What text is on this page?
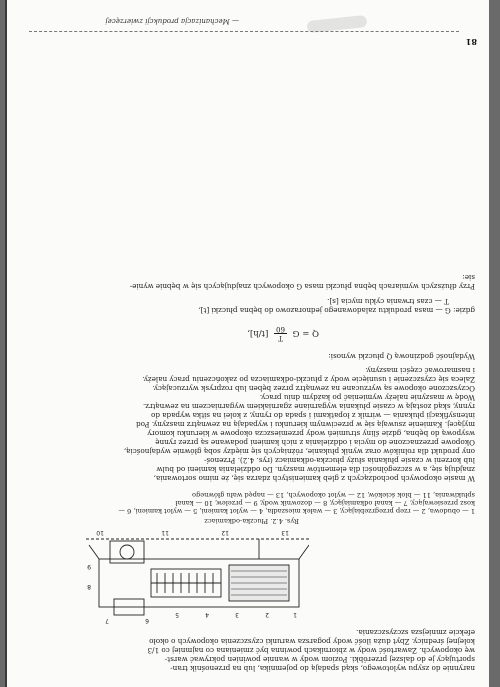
narynnie do zsypu wylotowego, skąd spadają do pojemnika, lub na przenośnik tran-
sportujący je do dalszej przeróbki. Poziom wody w wannie powinien pokrywać warst-
wę okopowych. Zawartość wody w zbiornikach powinna być zmieniana co najmniej co 1/3
kolejnej średnicy. Zbyt duża ilość wody pogarsza warunki czyszczenia okopowych o około
efekcie zmniejsza szczyszczania.
1
2
3
4
5
6
7
8
9
10	11	12	13
Rys. 4.2. Płuczka-odkamiacz
1 — obudowa, 2 — rzep przegrzebiający, 3 — wałek mieszadła, 4 — wylot kamieni, 5 — wylot kamieni, 6 —
kosz przesiewający, 7 — kanał odkamiający, 8 — dozownik wody, 9 — przelew, 10 — kanał
spłukiwania, 11 — blok ścieków, 12 — wylot okopowych, 13 — napęd wału głównego
W masie okopowych pochodzących z gleb kamienistych zdarza się, że mimo sortowania,
znajdują się, a w szczególności dla elementów maszyn. Do oddzielania kamieni od bulw
lub korzeni w czasie płukania służy płuczka-odkamiacz (rys. 4.2). Przenoś-
ony produkt dla rolników oraz wynik płukanie, różniących się między sobą głównie wydajnością,
Okopowe przeznaczone do mycia i oddzielania z nich kamieni podawane są przez rynnę
wsypową do bębna, gdzie śliny strumień wody przemieszcza okopowe w kierunku komory
myjącej. Kamienie zsuwają się w przeciwnym kierunku i wypadają na zewnątrz maszyny. Pod
intensyfikacji płukania — wirnik z łopatkami i spada do rynny, z kolei na sitka wypada do
rynny, skąd zostają w czasie płukania wygarniane zgarniakiem wygarniaczem na zewnątrz.
Wodę w maszynie należy wymieniać po każdym dniu pracy.
Oczyszczone okopowe są wyrzucane na zewnątrz przez bęben lub rozprysk wyrzucający.
Zaleca się czyszczenie i usunięcie wody z płuczki-odkamiacza po zakończeniu pracy należy.
i nasmarować części maszyny.
Wydajność godzinową Q płuczki wynosi:
Q = G
T
60
[t/h],
gdzie: G — masa produktu zaladowanego jednorazowo do bębna płuczki [t],
T — czas trwania cyklu mycia [s].
Przy dłuższych wymiarach bębna płuczki masa G okopowych znajdujących się w bębnie wynie-
sie:
81
— Mechanizacja produkcji zwierzęcej
